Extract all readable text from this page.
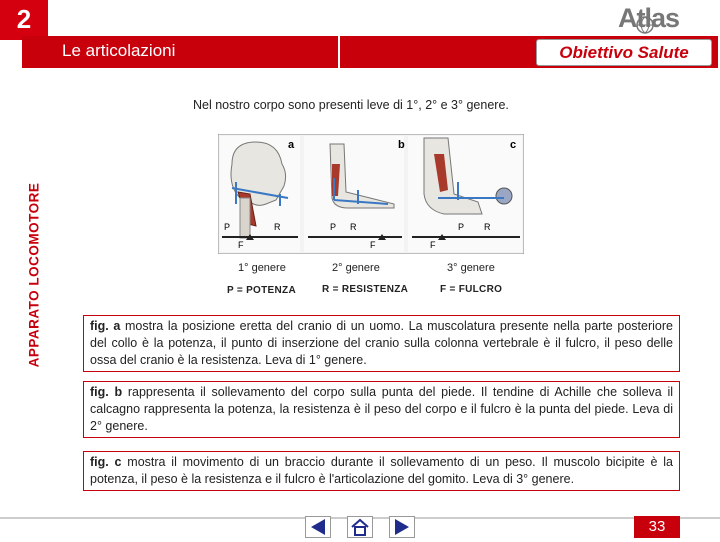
2	Atlas
Le articolazioni	Obiettivo Salute
APPARATO LOCOMOTORE
Nel nostro corpo sono presenti leve di 1°, 2° e 3° genere.
a	b	c
P	R
F
P R
F
P R
F
1° genere	2° genere	3° genere
P = POTENZA	R = RESISTENZA	F = FULCRO
fig. a mostra la posizione eretta del cranio di un uomo. La muscolatura presente nella parte posteriore del collo è la potenza, il punto di inserzione del cranio sulla colonna vertebrale è il fulcro, il peso delle ossa del cranio è la resistenza. Leva di 1° genere.
fig. b rappresenta il sollevamento del corpo sulla punta del piede. Il tendine di Achille che solleva il calcagno rappresenta la potenza, la resistenza è il peso del corpo e il fulcro è la punta del piede. Leva di 2° genere.
fig. c mostra il movimento di un braccio durante il sollevamento di un peso. Il muscolo bicipite è la potenza, il peso è la resistenza e il fulcro è l'articolazione del gomito. Leva di 3° genere.
33
